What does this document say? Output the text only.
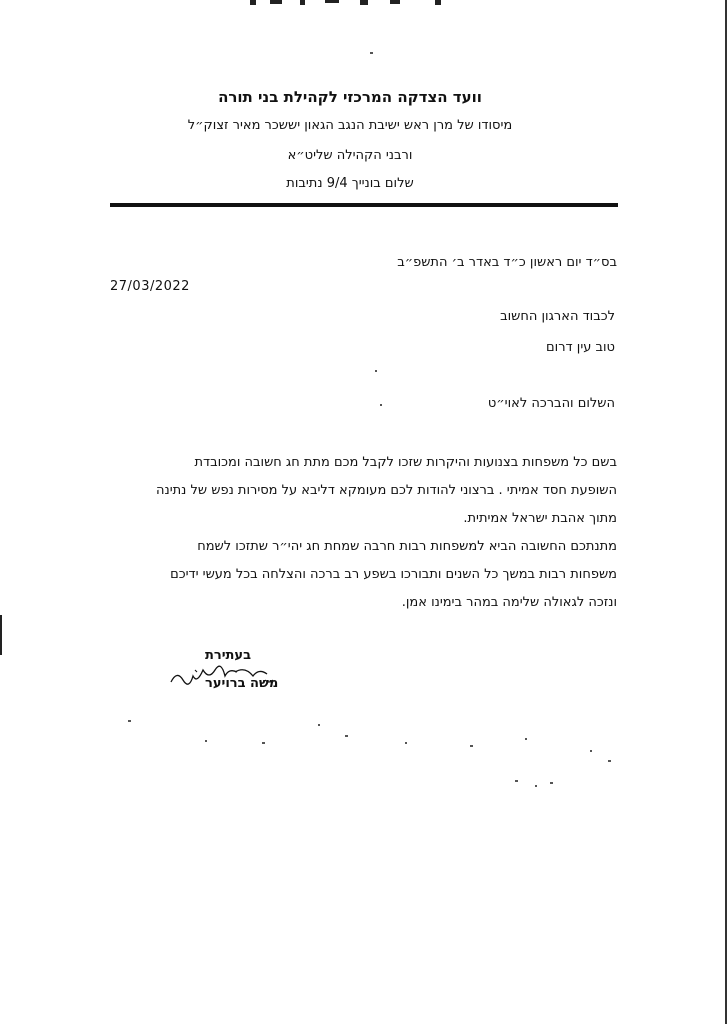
וועד הצדקה המרכזי לקהילת בני תורה
מיסודו של מרן ראש ישיבת הנגב הגאון יששכר מאיר זצוק״ל
ורבני הקהילה שליט״א
שלום בונייך 9/4 נתיבות
בס״ד יום ראשון כ״ד באדר ב׳ התשפ״ב
27/03/2022
לכבוד הארגון החשוב
טוב עין דרום
השלום והברכה לאוי״ט
בשם כל משפחות בצנועות והיקרות שזכו לקבל מכם מתת חג חשובה ומכובדת
השופעת חסד אמיתי . ברצוני להודות לכם מעומקא דליבא על מסירות נפש של נתינה
מתוך אהבת ישראל אמיתית.
מתנתכם החשובה הביא למשפחות רבות חרבה שמחת חג יהי״ר שתזכו לשמח
משפחות רבות במשך כל השנים ותבורכו בשפע רב ברכה והצלחה בכל מעשי ידיכם
ונזכה לגאולה שלימה במהר בימינו אמן.
בעתירת
משה ברויער
